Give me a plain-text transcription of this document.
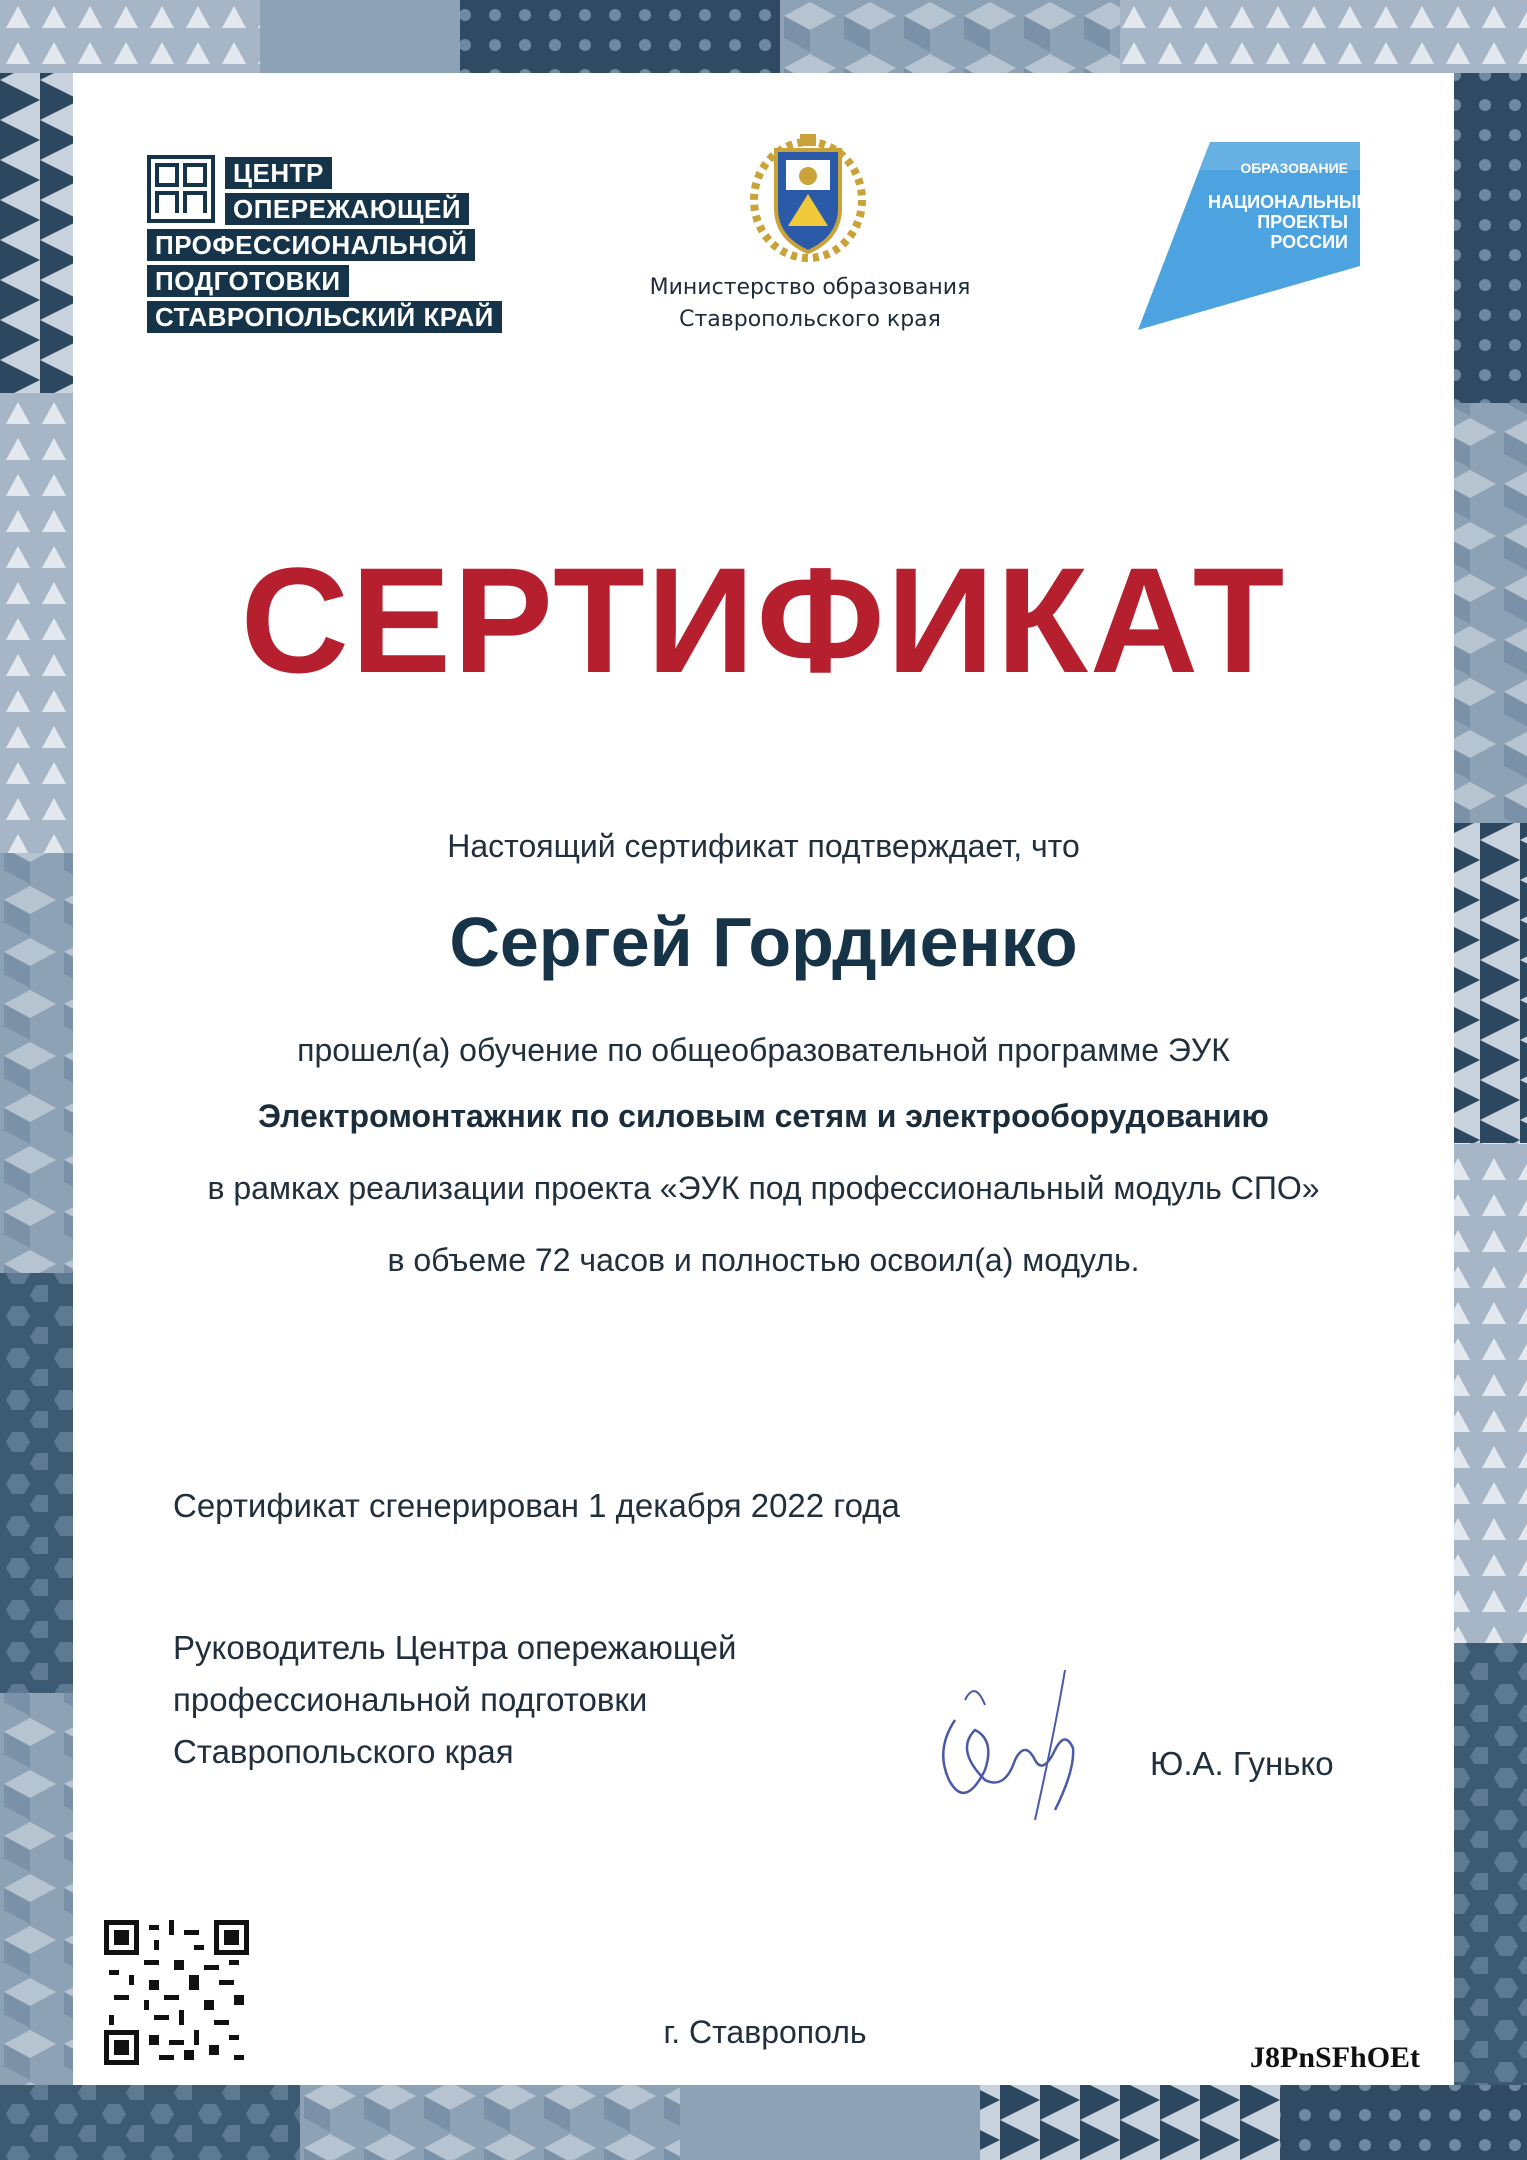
ЦЕНТР
ОПЕРЕЖАЮЩЕЙ
ПРОФЕССИОНАЛЬНОЙ
ПОДГОТОВКИ
СТАВРОПОЛЬСКИЙ КРАЙ
Министерство образования
Ставропольского края
ОБРАЗОВАНИЕ
НАЦИОНАЛЬНЫЕ
ПРОЕКТЫ
РОССИИ
СЕРТИФИКАТ
Настоящий сертификат подтверждает, что
Сергей Гордиенко
прошел(а) обучение по общеобразовательной программе ЭУК
Электромонтажник по силовым сетям и электрооборудованию
в рамках реализации проекта «ЭУК под профессиональный модуль СПО»
в объеме 72 часов и полностью освоил(а) модуль.
Сертификат сгенерирован 1 декабря 2022 года
Руководитель Центра опережающей
профессиональной подготовки
Ставропольского края	Ю.А. Гунько
г. Ставрополь
J8PnSFhOEt
